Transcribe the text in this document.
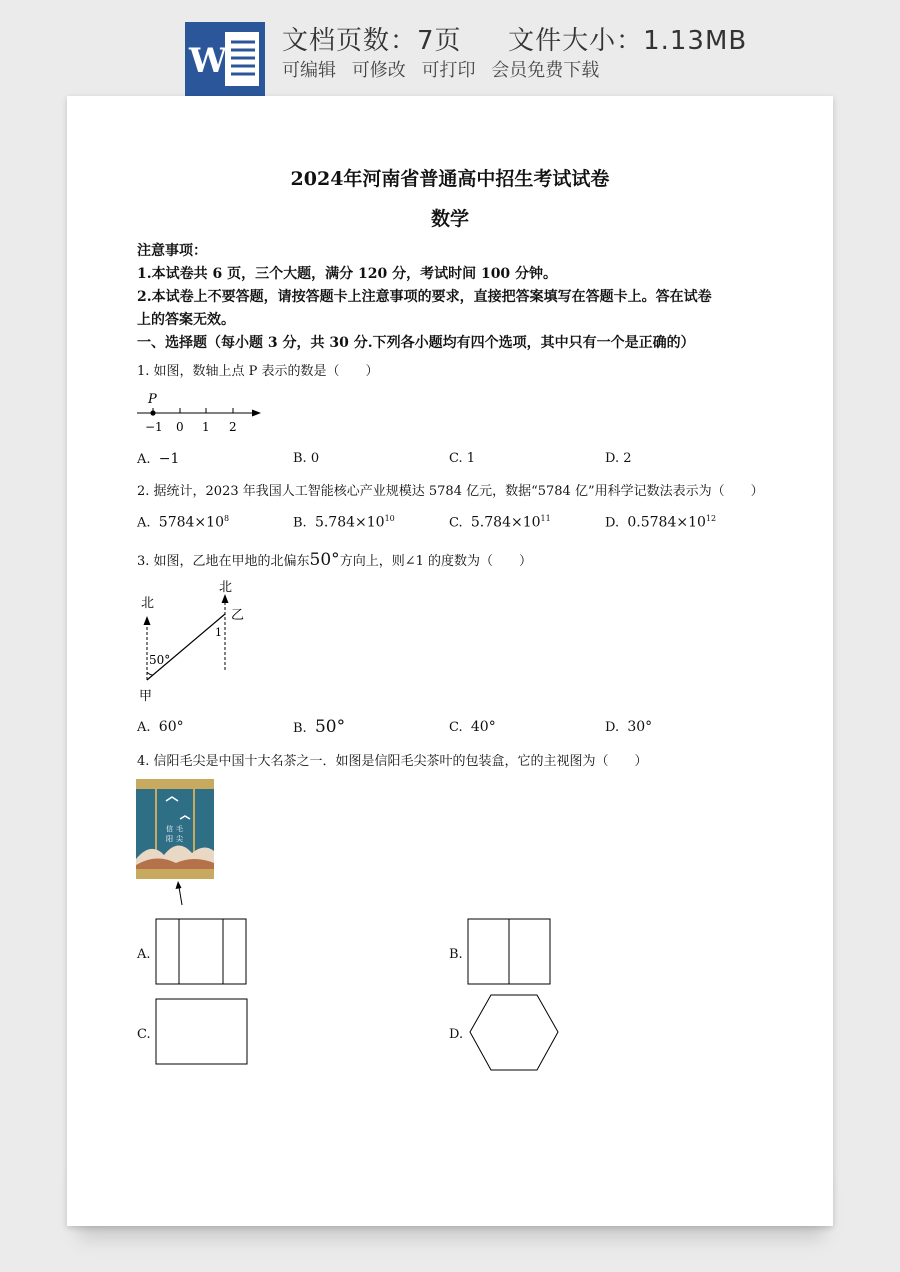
W 文档页数：7页 文件大小：1.13MB
可编辑 可修改 可打印 会员免费下载
2024年河南省普通高中招生考试试卷
数学
注意事项：
1.本试卷共 6 页，三个大题，满分 120 分，考试时间 100 分钟。
2.本试卷上不要答题，请按答题卡上注意事项的要求，直接把答案填写在答题卡上。答在试卷
上的答案无效。
一、选择题（每小题 3 分，共 30 分.下列各小题均有四个选项，其中只有一个是正确的）
1. 如图，数轴上点 P 表示的数是（　　）
P
−1 0 1 2
A. −1	B. 0	C. 1	D. 2
2. 据统计，2023 年我国人工智能核心产业规模达 5784 亿元，数据“5784 亿”用科学记数法表示为（　　）
A. $5784\times 10^8$	B. $5.784\times 10^{10}$	C. $5.784\times 10^{11}$	D. $0.5784\times 10^{12}$
3. 如图，乙地在甲地的北偏东50°方向上，则∠1 的度数为（　　）
北
北
50°
1
乙
甲
A. 60°	B. 50°	C. 40°	D. 30°
4. 信阳毛尖是中国十大名茶之一．如图是信阳毛尖茶叶的包装盒，它的主视图为（　　）
信
阳
毛
尖
A.	B.
C.	D.
